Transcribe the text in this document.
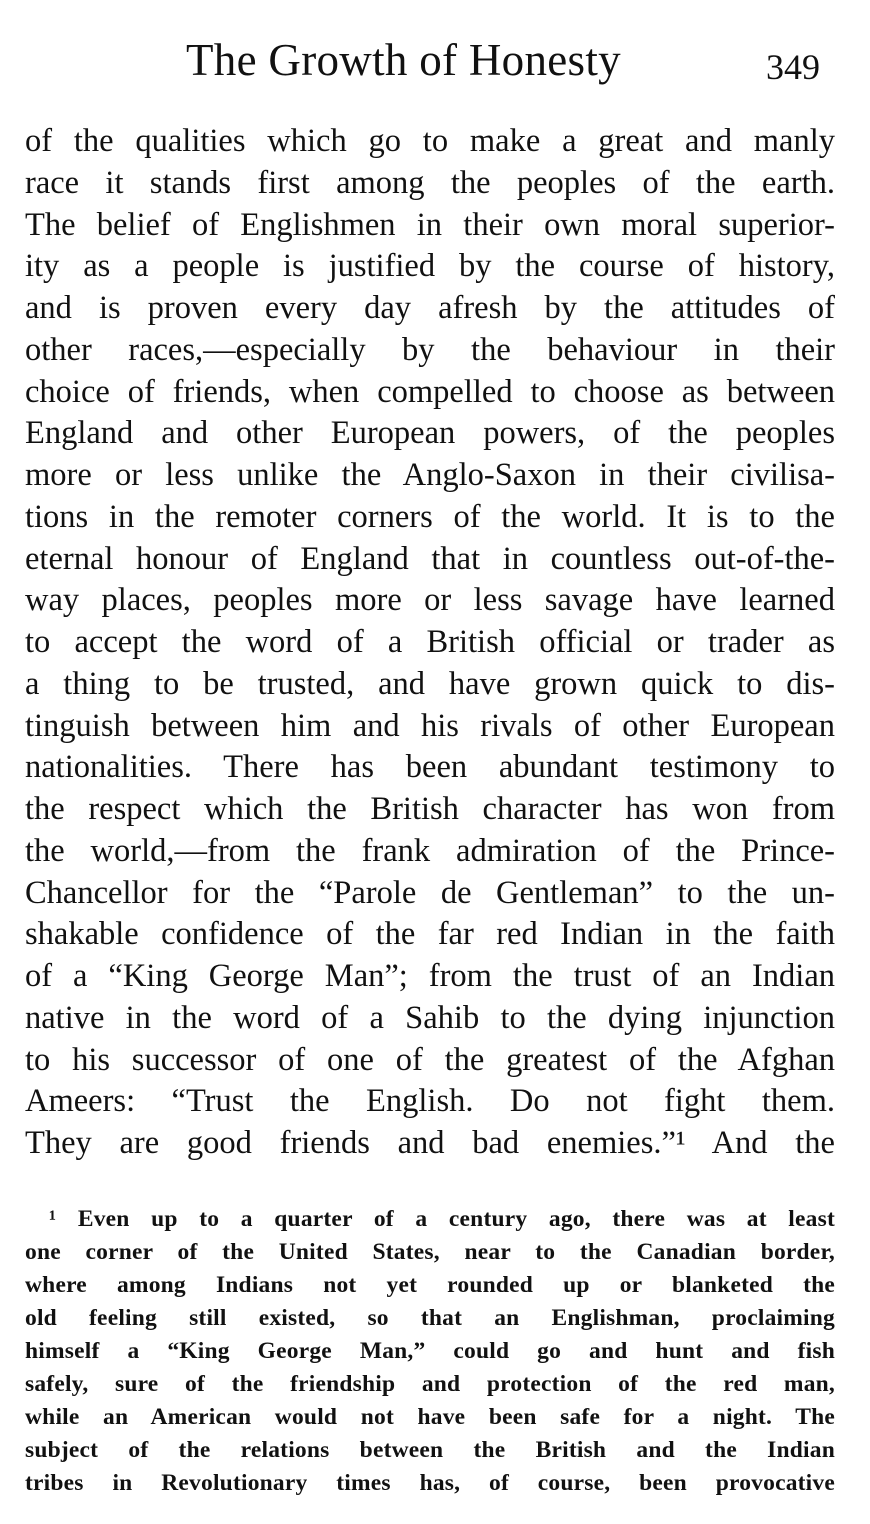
The Growth of Honesty	349
of the qualities which go to make a great and manly
race it stands first among the peoples of the earth.
The belief of Englishmen in their own moral superior-
ity as a people is justified by the course of history,
and is proven every day afresh by the attitudes of
other races,—especially by the behaviour in their
choice of friends, when compelled to choose as between
England and other European powers, of the peoples
more or less unlike the Anglo-Saxon in their civilisa-
tions in the remoter corners of the world. It is to the
eternal honour of England that in countless out-of-the-
way places, peoples more or less savage have learned
to accept the word of a British official or trader as
a thing to be trusted, and have grown quick to dis-
tinguish between him and his rivals of other European
nationalities. There has been abundant testimony to
the respect which the British character has won from
the world,—from the frank admiration of the Prince-
Chancellor for the “Parole de Gentleman” to the un-
shakable confidence of the far red Indian in the faith
of a “King George Man”; from the trust of an Indian
native in the word of a Sahib to the dying injunction
to his successor of one of the greatest of the Afghan
Ameers: “Trust the English. Do not fight them.
They are good friends and bad enemies.”¹ And the
¹ Even up to a quarter of a century ago, there was at least
one corner of the United States, near to the Canadian border,
where among Indians not yet rounded up or blanketed the
old feeling still existed, so that an Englishman, proclaiming
himself a “King George Man,” could go and hunt and fish
safely, sure of the friendship and protection of the red man,
while an American would not have been safe for a night. The
subject of the relations between the British and the Indian
tribes in Revolutionary times has, of course, been provocative
